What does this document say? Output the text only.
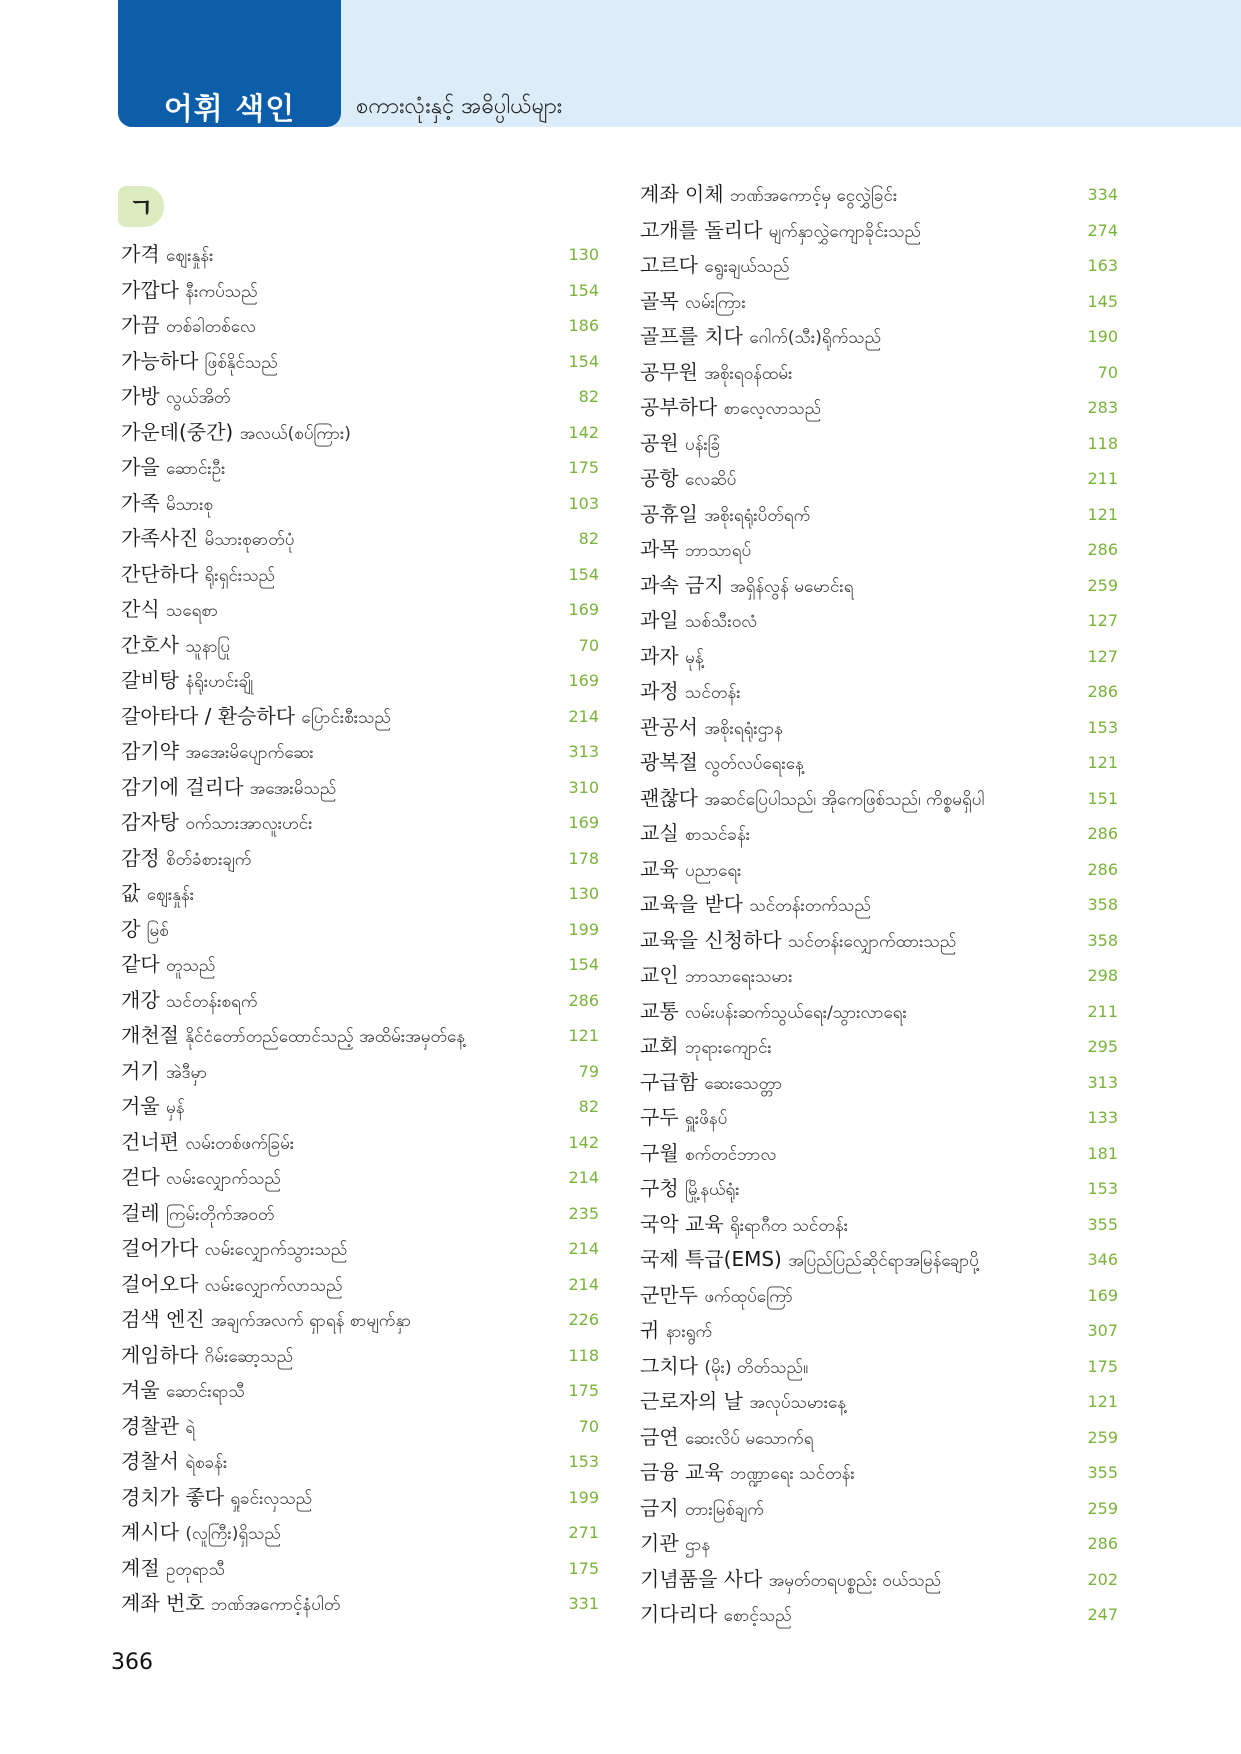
어휘 색인	စကားလုံးနှင့် အဓိပ္ပါယ်များ
ㄱ
가격 ဈေးနှုန်း	130
가깝다 နီးကပ်သည်	154
가끔 တစ်ခါတစ်လေ	186
가능하다 ဖြစ်နိုင်သည်	154
가방 လွယ်အိတ်	82
가운데(중간) အလယ်(စပ်ကြား)	142
가을 ဆောင်းဦး	175
가족 မိသားစု	103
가족사진 မိသားစုဓာတ်ပုံ	82
간단하다 ရိုးရှင်းသည်	154
간식 သရေစာ	169
간호사 သူနာပြု	70
갈비탕 နံရိုးဟင်းချို	169
갈아타다 / 환승하다 ပြောင်းစီးသည်	214
감기약 အအေးမိပျောက်ဆေး	313
감기에 걸리다 အအေးမိသည်	310
감자탕 ဝက်သားအာလူးဟင်း	169
감정 စိတ်ခံစားချက်	178
값 ဈေးနှုန်း	130
강 မြစ်	199
같다 တူသည်	154
개강 သင်တန်းစရက်	286
개천절 နိုင်ငံတော်တည်ထောင်သည့် အထိမ်းအမှတ်နေ့	121
거기 အဲဒီမှာ	79
거울 မှန်	82
건너편 လမ်းတစ်ဖက်ခြမ်း	142
걷다 လမ်းလျှောက်သည်	214
걸레 ကြမ်းတိုက်အဝတ်	235
걸어가다 လမ်းလျှောက်သွားသည်	214
걸어오다 လမ်းလျှောက်လာသည်	214
검색 엔진 အချက်အလက် ရှာရန် စာမျက်နှာ	226
게임하다 ဂိမ်းဆော့သည်	118
겨울 ဆောင်းရာသီ	175
경찰관 ရဲ	70
경찰서 ရဲစခန်း	153
경치가 좋다 ရှုခင်းလှသည်	199
계시다 (လူကြီး)ရှိသည်	271
계절 ဥတုရာသီ	175
계좌 번호 ဘဏ်အကောင့်နံပါတ်	331
계좌 이체 ဘဏ်အကောင့်မှ ငွေလွှဲခြင်း	334
고개를 돌리다 မျက်နှာလွှဲကျောခိုင်းသည်	274
고르다 ရွေးချယ်သည်	163
골목 လမ်းကြား	145
골프를 치다 ဂေါက်(သီး)ရိုက်သည်	190
공무원 အစိုးရဝန်ထမ်း	70
공부하다 စာလေ့လာသည်	283
공원 ပန်းခြံ	118
공항 လေဆိပ်	211
공휴일 အစိုးရရုံးပိတ်ရက်	121
과목 ဘာသာရပ်	286
과속 금지 အရှိန်လွန် မမောင်းရ	259
과일 သစ်သီးဝလံ	127
과자 မုန့်	127
과정 သင်တန်း	286
관공서 အစိုးရရုံးဌာန	153
광복절 လွတ်လပ်ရေးနေ့	121
괜찮다 အဆင်ပြေပါသည်၊ အိုကေဖြစ်သည်၊ ကိစ္စမရှိပါ	151
교실 စာသင်ခန်း	286
교육 ပညာရေး	286
교육을 받다 သင်တန်းတက်သည်	358
교육을 신청하다 သင်တန်းလျှောက်ထားသည်	358
교인 ဘာသာရေးသမား	298
교통 လမ်းပန်းဆက်သွယ်ရေး/သွားလာရေး	211
교회 ဘုရားကျောင်း	295
구급함 ဆေးသေတ္တာ	313
구두 ရှူးဖိနပ်	133
구월 စက်တင်ဘာလ	181
구청 မြို့နယ်ရုံး	153
국악 교육 ရိုးရာဂီတ သင်တန်း	355
국제 특급(EMS) အပြည်ပြည်ဆိုင်ရာအမြန်ချောပို့	346
군만두 ဖက်ထုပ်ကြော်	169
귀 နားရွက်	307
그치다 (မိုး) တိတ်သည်။	175
근로자의 날 အလုပ်သမားနေ့	121
금연 ဆေးလိပ် မသောက်ရ	259
금융 교육 ဘဏ္ဍာရေး သင်တန်း	355
금지 တားမြစ်ချက်	259
기관 ဌာန	286
기념품을 사다 အမှတ်တရပစ္စည်း ဝယ်သည်	202
기다리다 စောင့်သည်	247
366
